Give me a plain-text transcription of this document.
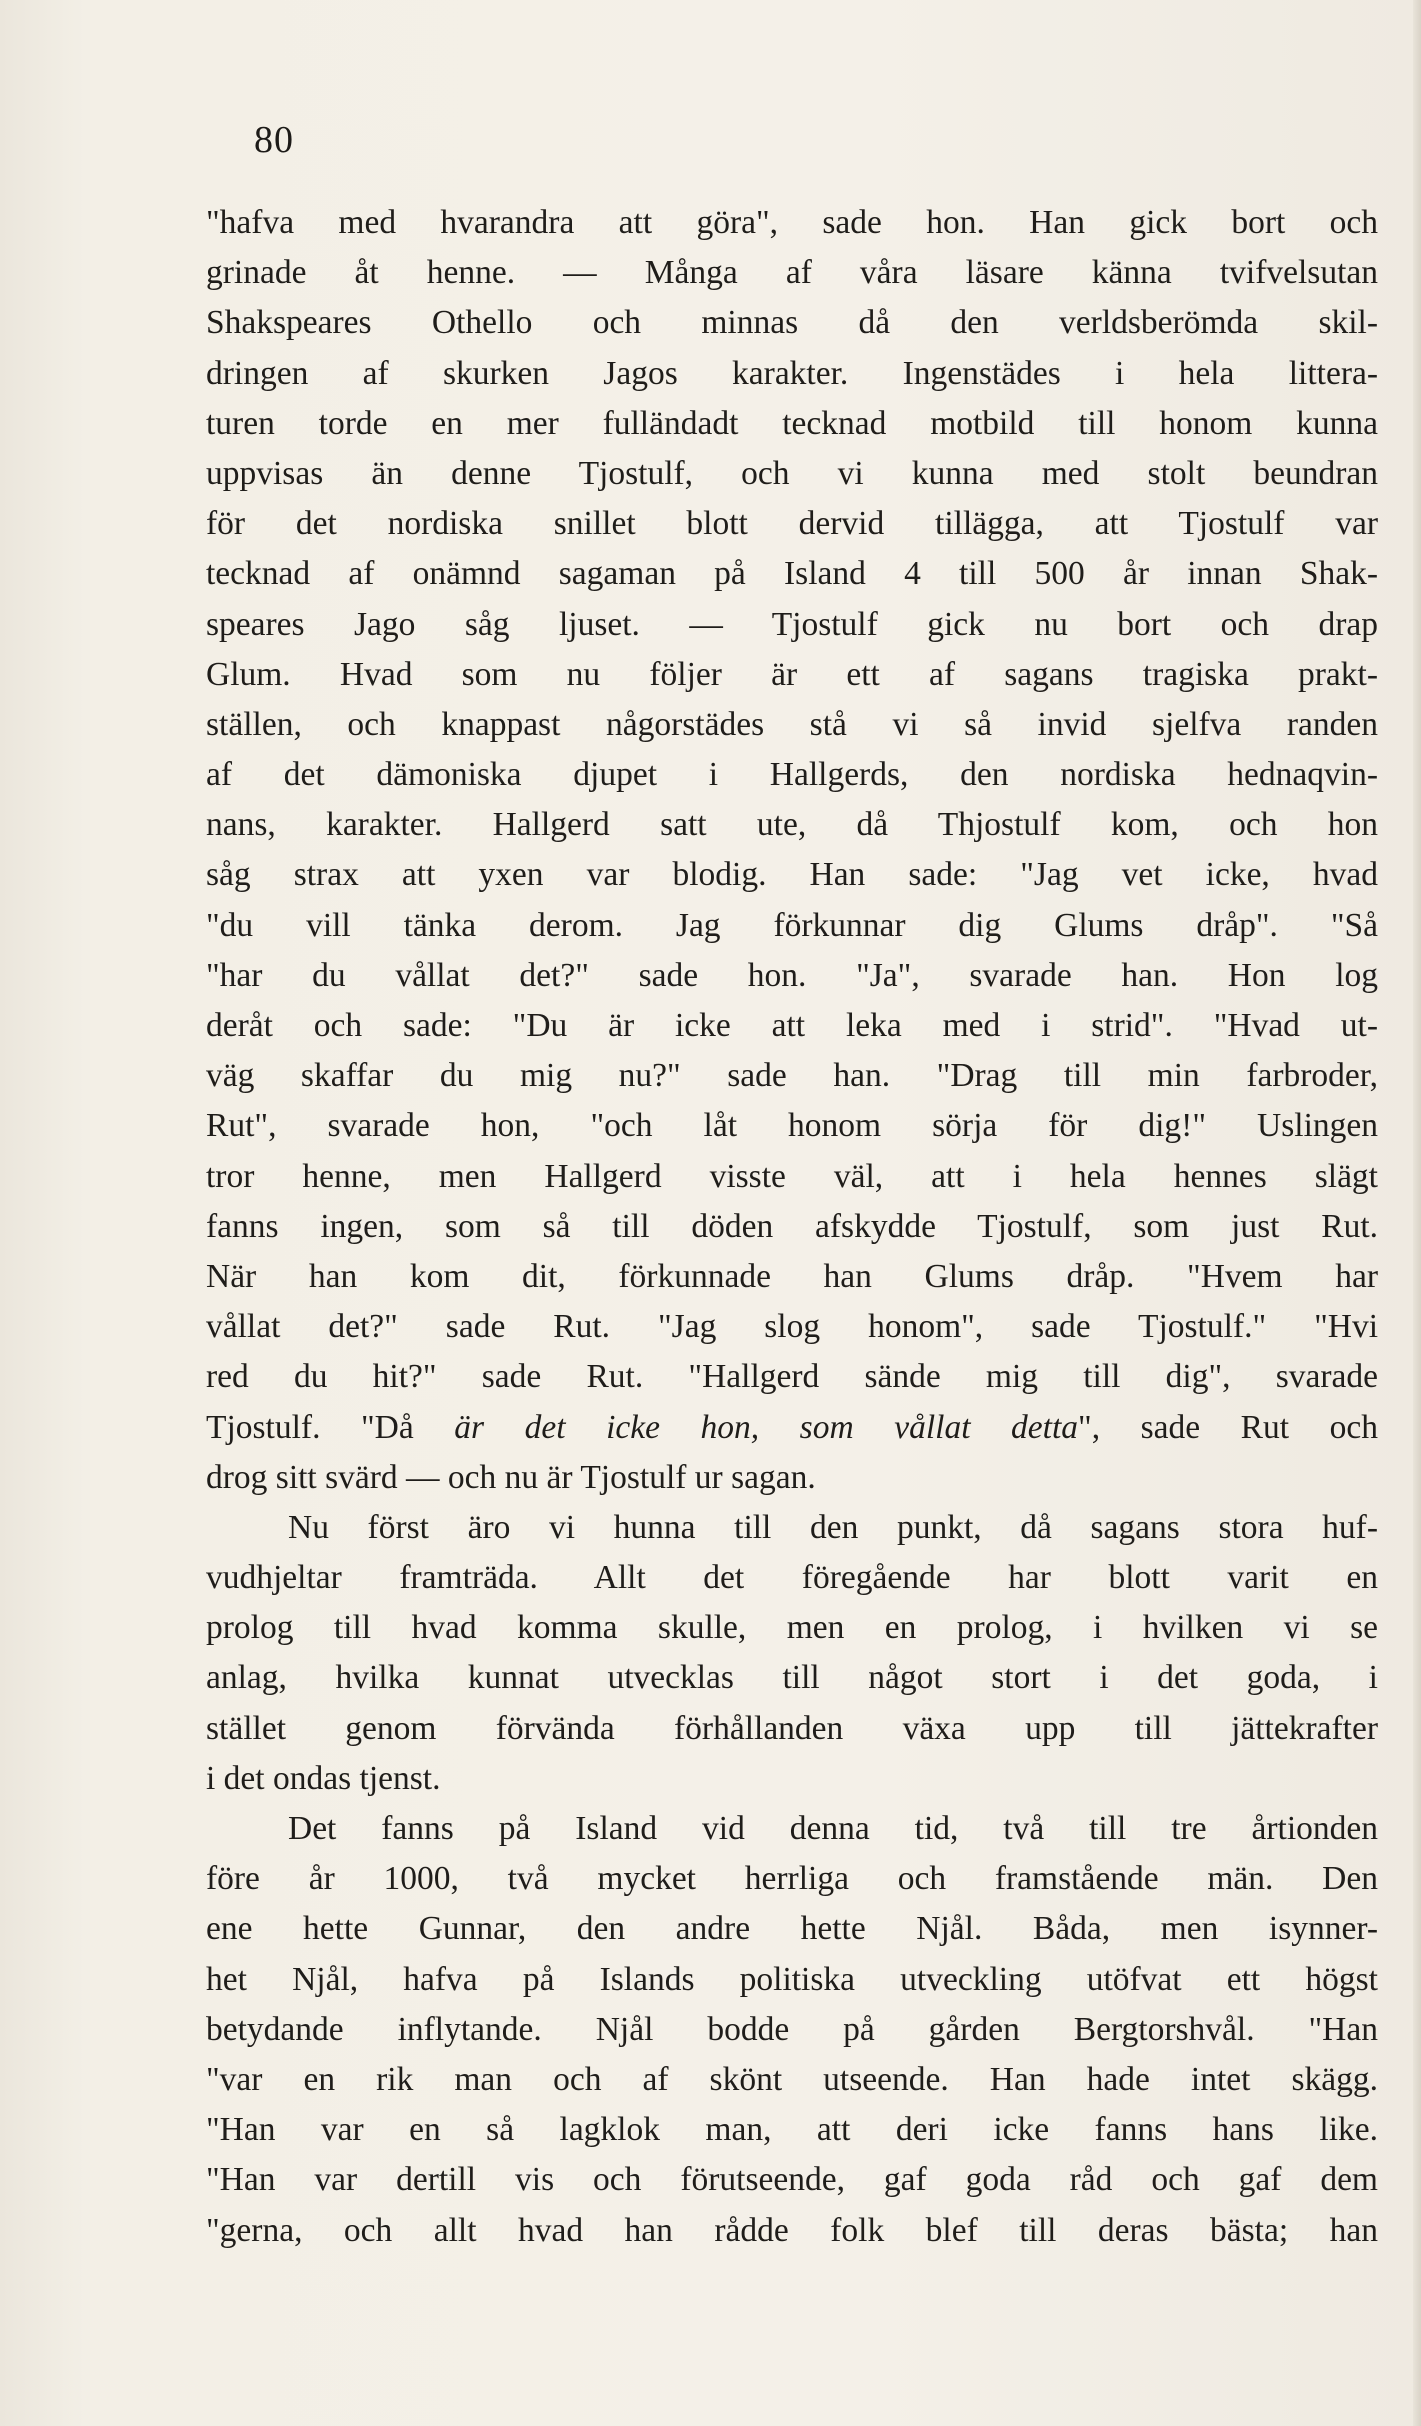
80
"hafva med hvarandra att göra", sade hon. Han gick bort och
grinade åt henne. — Många af våra läsare känna tvifvelsutan
Shakspeares Othello och minnas då den verldsberömda skil-
dringen af skurken Jagos karakter. Ingenstädes i hela littera-
turen torde en mer fulländadt tecknad motbild till honom kunna
uppvisas än denne Tjostulf, och vi kunna med stolt beundran
för det nordiska snillet blott dervid tillägga, att Tjostulf var
tecknad af onämnd sagaman på Island 4 till 500 år innan Shak-
speares Jago såg ljuset. — Tjostulf gick nu bort och drap
Glum. Hvad som nu följer är ett af sagans tragiska prakt-
ställen, och knappast någorstädes stå vi så invid sjelfva randen
af det dämoniska djupet i Hallgerds, den nordiska hednaqvin-
nans, karakter. Hallgerd satt ute, då Thjostulf kom, och hon
såg strax att yxen var blodig. Han sade: "Jag vet icke, hvad
"du vill tänka derom. Jag förkunnar dig Glums dråp". "Så
"har du vållat det?" sade hon. "Ja", svarade han. Hon log
deråt och sade: "Du är icke att leka med i strid". "Hvad ut-
väg skaffar du mig nu?" sade han. "Drag till min farbroder,
Rut", svarade hon, "och låt honom sörja för dig!" Uslingen
tror henne, men Hallgerd visste väl, att i hela hennes slägt
fanns ingen, som så till döden afskydde Tjostulf, som just Rut.
När han kom dit, förkunnade han Glums dråp. "Hvem har
vållat det?" sade Rut. "Jag slog honom", sade Tjostulf." "Hvi
red du hit?" sade Rut. "Hallgerd sände mig till dig", svarade
Tjostulf. "Då är det icke hon, som vållat detta", sade Rut och
drog sitt svärd — och nu är Tjostulf ur sagan.
Nu först äro vi hunna till den punkt, då sagans stora huf-
vudhjeltar framträda. Allt det föregående har blott varit en
prolog till hvad komma skulle, men en prolog, i hvilken vi se
anlag, hvilka kunnat utvecklas till något stort i det goda, i
stället genom förvända förhållanden växa upp till jättekrafter
i det ondas tjenst.
Det fanns på Island vid denna tid, två till tre årtionden
före år 1000, två mycket herrliga och framstående män. Den
ene hette Gunnar, den andre hette Njål. Båda, men isynner-
het Njål, hafva på Islands politiska utveckling utöfvat ett högst
betydande inflytande. Njål bodde på gården Bergtorshvål. "Han
"var en rik man och af skönt utseende. Han hade intet skägg.
"Han var en så lagklok man, att deri icke fanns hans like.
"Han var dertill vis och förutseende, gaf goda råd och gaf dem
"gerna, och allt hvad han rådde folk blef till deras bästa; han
